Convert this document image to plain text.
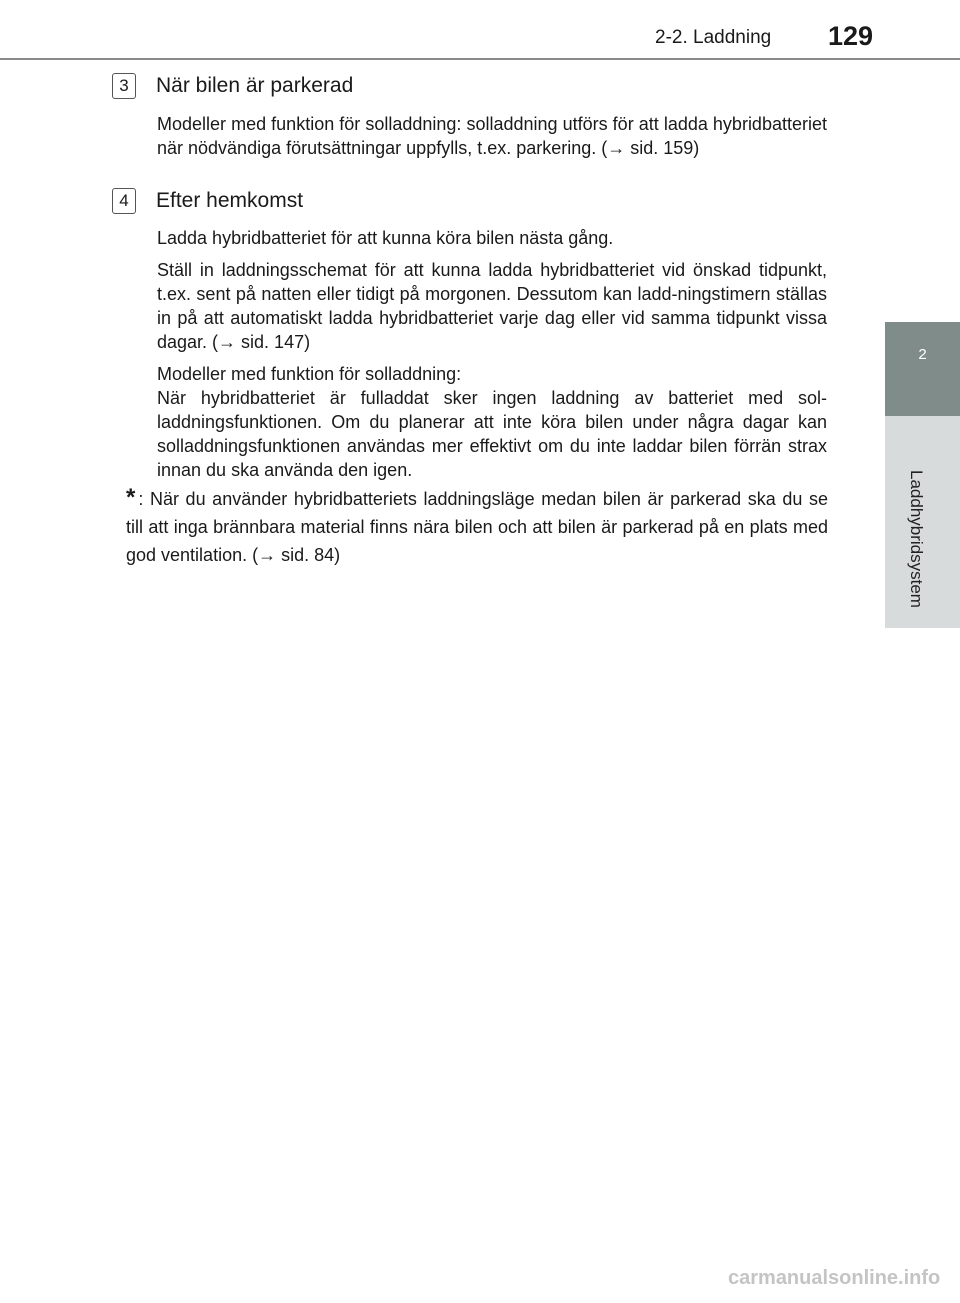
2-2. Laddning 129
2
Laddhybridsystem
3 När bilen är parkerad
Modeller med funktion för solladdning: solladdning utförs för att ladda hybridbatteriet när nödvändiga förutsättningar uppfylls, t.ex. parkering. (→ sid. 159)
4 Efter hemkomst
Ladda hybridbatteriet för att kunna köra bilen nästa gång.
Ställ in laddningsschemat för att kunna ladda hybridbatteriet vid önskad tidpunkt, t.ex. sent på natten eller tidigt på morgonen. Dessutom kan ladd-ningstimern ställas in på att automatiskt ladda hybridbatteriet varje dag eller vid samma tidpunkt vissa dagar. (→ sid. 147)
Modeller med funktion för solladdning:
När hybridbatteriet är fulladdat sker ingen laddning av batteriet med sol-laddningsfunktionen. Om du planerar att inte köra bilen under några dagar kan solladdningsfunktionen användas mer effektivt om du inte laddar bilen förrän strax innan du ska använda den igen.
* : När du använder hybridbatteriets laddningsläge medan bilen är parkerad ska du se till att inga brännbara material finns nära bilen och att bilen är parkerad på en plats med god ventilation. (→ sid. 84)
carmanualsonline.info
